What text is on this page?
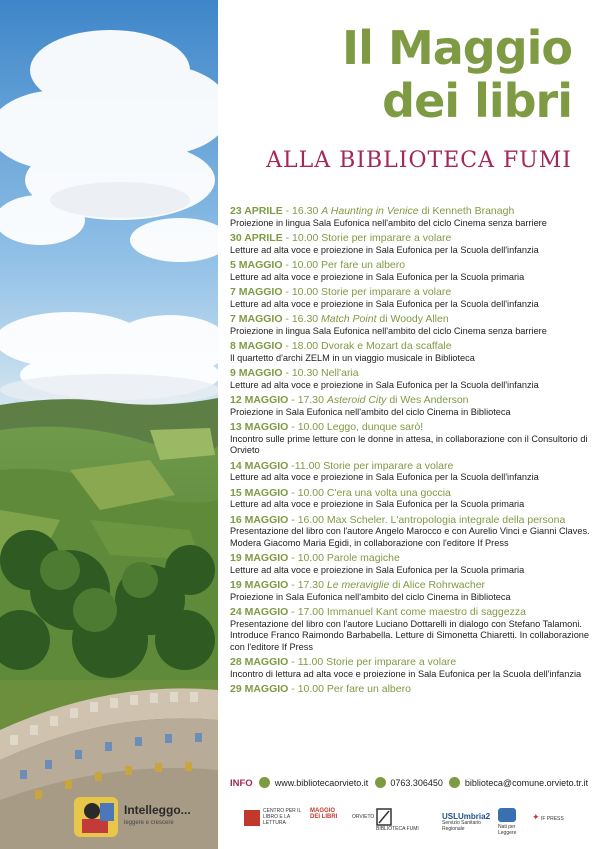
Intelleggo...
leggere e crescere
Il Maggio
dei libri
ALLA BIBLIOTECA FUMI
23 APRILE - 16.30 A Haunting in Venice di Kenneth Branagh
Proiezione in lingua Sala Eufonica nell'ambito del ciclo Cinema senza barriere
30 APRILE - 10.00 Storie per imparare a volare
Letture ad alta voce e proiezione in Sala Eufonica per la Scuola dell'infanzia
5 MAGGIO - 10.00 Per fare un albero
Letture ad alta voce e proiezione in Sala Eufonica per la Scuola primaria
7 MAGGIO - 10.00 Storie per imparare a volare
Letture ad alta voce e proiezione in Sala Eufonica per la Scuola dell'infanzia
7 MAGGIO - 16.30 Match Point di Woody Allen
Proiezione in lingua Sala Eufonica nell'ambito del ciclo Cinema senza barriere
8 MAGGIO - 18.00 Dvorak e Mozart da scaffale
Il quartetto d'archi ZELM in un viaggio musicale in Biblioteca
9 MAGGIO - 10.30 Nell'aria
Letture ad alta voce e proiezione in Sala Eufonica per la Scuola dell'infanzia
12 MAGGIO - 17.30 Asteroid City di Wes Anderson
Proiezione in Sala Eufonica nell'ambito del ciclo Cinema in Biblioteca
13 MAGGIO - 10.00 Leggo, dunque sarò!
Incontro sulle prime letture con le donne in attesa, in collaborazione con il Consultorio di Orvieto
14 MAGGIO -11.00 Storie per imparare a volare
Letture ad alta voce e proiezione in Sala Eufonica per la Scuola dell'infanzia
15 MAGGIO - 10.00 C'era una volta una goccia
Letture ad alta voce e proiezione in Sala Eufonica per la Scuola primaria
16 MAGGIO - 16.00 Max Scheler. L'antropologia integrale della persona
Presentazione del libro con l'autore Angelo Marocco e con Aurelio Vinci e Gianni Claves. Modera Giacomo Maria Egidi, in collaborazione con l'editore If Press
19 MAGGIO - 10.00 Parole magiche
Letture ad alta voce e proiezione in Sala Eufonica per la Scuola primaria
19 MAGGIO - 17.30 Le meraviglie di Alice Rohrwacher
Proiezione in Sala Eufonica nell'ambito del ciclo Cinema in Biblioteca
24 MAGGIO - 17.00 Immanuel Kant come maestro di saggezza
Presentazione del libro con l'autore Luciano Dottarelli in dialogo con Stefano Talamoni. Introduce Franco Raimondo Barbabella. Letture di Simonetta Chiaretti. In collaborazione con l'editore If Press
28 MAGGIO - 11.00 Storie per imparare a volare
Incontro di lettura ad alta voce e proiezione in Sala Eufonica per la Scuola dell'infanzia
29 MAGGIO - 10.00 Per fare un albero
INFO www.bibliotecaorvieto.it 0763.306450 biblioteca@comune.orvieto.tr.it
CENTRO PER IL LIBRO E LA LETTURA
MAGGIO DEI LIBRI	ORVIETO
BIBLIOTECA FUMI
USLUmbria2
Servizio Sanitario Regionale	Nati per Leggere
✦ IF PRESS
